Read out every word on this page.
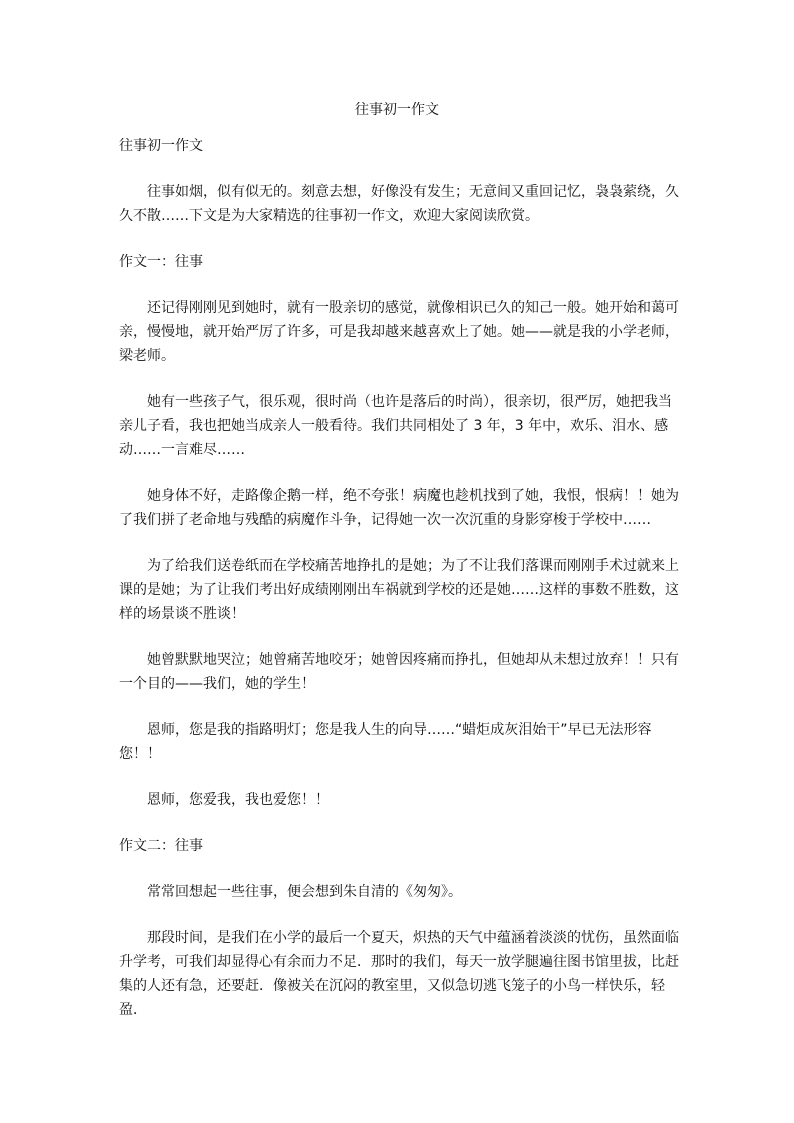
往事初一作文

往事初一作文

往事如烟，似有似无的。刻意去想，好像没有发生；无意间又重回记忆，袅袅萦绕，久久不散……下文是为大家精选的往事初一作文，欢迎大家阅读欣赏。

作文一：往事

还记得刚刚见到她时，就有一股亲切的感觉，就像相识已久的知己一般。她开始和蔼可亲，慢慢地，就开始严厉了许多，可是我却越来越喜欢上了她。她——就是我的小学老师，梁老师。

她有一些孩子气，很乐观，很时尚（也许是落后的时尚），很亲切，很严厉，她把我当亲儿子看，我也把她当成亲人一般看待。我们共同相处了 3 年，3 年中，欢乐、泪水、感动……一言难尽……

她身体不好，走路像企鹅一样，绝不夸张！病魔也趁机找到了她，我恨，恨病！！她为了我们拼了老命地与残酷的病魔作斗争，记得她一次一次沉重的身影穿梭于学校中……

为了给我们送卷纸而在学校痛苦地挣扎的是她；为了不让我们落课而刚刚手术过就来上课的是她；为了让我们考出好成绩刚刚出车祸就到学校的还是她……这样的事数不胜数，这样的场景谈不胜谈！

她曾默默地哭泣；她曾痛苦地咬牙；她曾因疼痛而挣扎，但她却从未想过放弃！！只有一个目的——我们，她的学生！

恩师，您是我的指路明灯；您是我人生的向导……“蜡炬成灰泪始干”早已无法形容您！！

恩师，您爱我，我也爱您！！

作文二：往事

常常回想起一些往事，便会想到朱自清的《匆匆》。

那段时间，是我们在小学的最后一个夏天，炽热的天气中蕴涵着淡淡的忧伤，虽然面临升学考，可我们却显得心有余而力不足．那时的我们，每天一放学腿遍往图书馆里拔，比赶集的人还有急，还要赶．像被关在沉闷的教室里，又似急切逃飞笼子的小鸟一样快乐，轻盈．
